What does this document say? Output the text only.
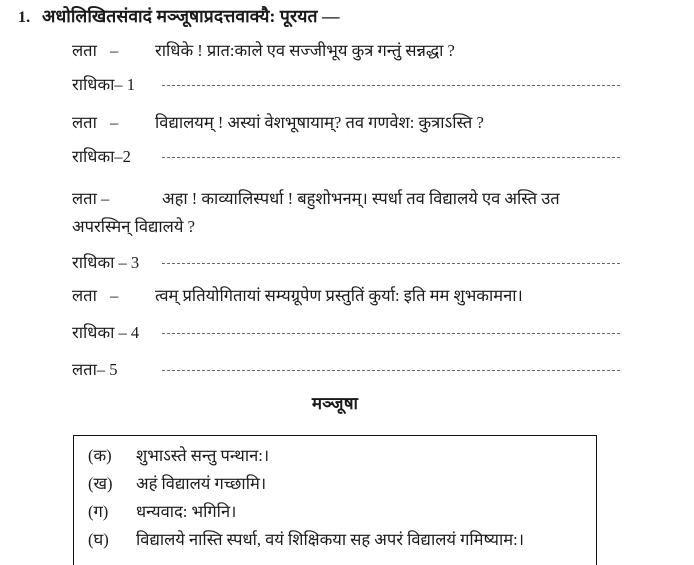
1. अधोलिखितसंवादं मञ्जूषाप्रदत्तवाक्यै: पूरयत —
लता – राधिके ! प्रात:काले एव सज्जीभूय कुत्र गन्तुं सन्नद्धा ?
राधिका– 1
लता – विद्यालयम् ! अस्यां वेशभूषायाम्? तव गणवेश: कुत्राऽस्ति ?
राधिका–2
लता –	अहा ! काव्यालिस्पर्धा ! बहुशोभनम्‌। स्पर्धा तव विद्यालये एव अस्ति उत
अपरस्मिन् विद्यालये ?
राधिका – 3
लता – त्वम् प्रतियोगितायां सम्यग्रूपेण प्रस्तुतिं कुर्या: इति मम शुभकामना।
राधिका – 4
लता– 5
मञ्जूषा
(क)	शुभाऽस्ते सन्तु पन्थान:।
(ख)	अहं विद्यालयं गच्छामि।
(ग)	धन्यवाद: भगिनि।
(घ)	विद्यालये नास्ति स्पर्धा, वयं शिक्षिकया सह अपरं विद्यालयं गमिष्याम:।
